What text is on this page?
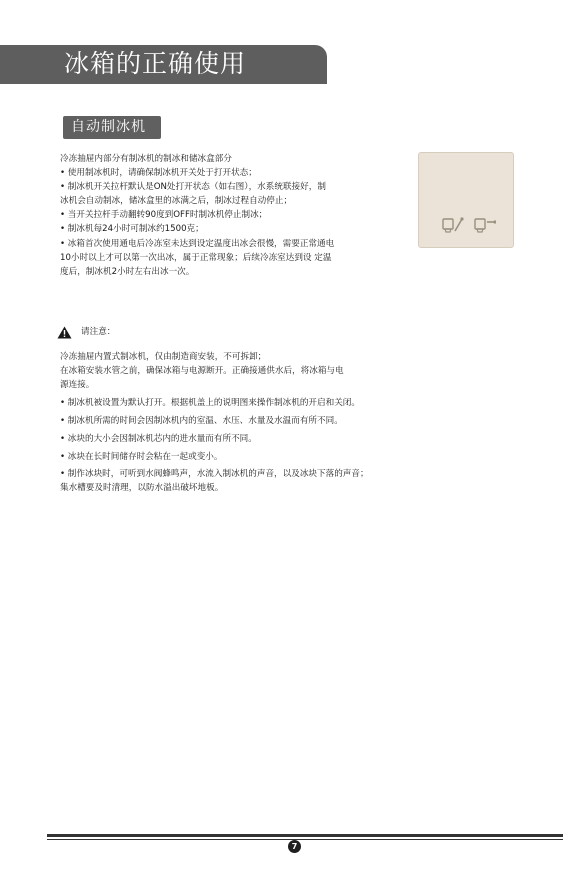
冰箱的正确使用
自动制冰机
冷冻抽屉内部分有制冰机的制冰和储冰盒部分
• 使用制冰机时，请确保制冰机开关处于打开状态；
• 制冰机开关拉杆默认是ON处打开状态（如右图），水系统联接好，制
冰机会自动制冰，储冰盒里的冰满之后，制冰过程自动停止；
• 当开关拉杆手动翻转90度到OFF时制冰机停止制冰；
• 制冰机每24小时可制冰约1500克；
• 冰箱首次使用通电后冷冻室未达到设定温度出冰会很慢，需要正常通电
10小时以上才可以第一次出冰，属于正常现象；后续冷冻室达到设 定温
度后，制冰机2小时左右出冰一次。
请注意：
冷冻抽屉内置式制冰机，仅由制造商安装，不可拆卸；
在冰箱安装水管之前，确保冰箱与电源断开。正确接通供水后，将冰箱与电
源连接。
• 制冰机被设置为默认打开。根据机盖上的说明图来操作制冰机的开启和关闭。
• 制冰机所需的时间会因制冰机内的室温、水压、水量及水温而有所不同。
• 冰块的大小会因制冰机芯内的进水量而有所不同。
• 冰块在长时间储存时会粘在一起或变小。
• 制作冰块时，可听到水阀蜂鸣声，水流入制冰机的声音，以及冰块下落的声音；
集水槽要及时清理，以防水溢出破坏地板。
7
